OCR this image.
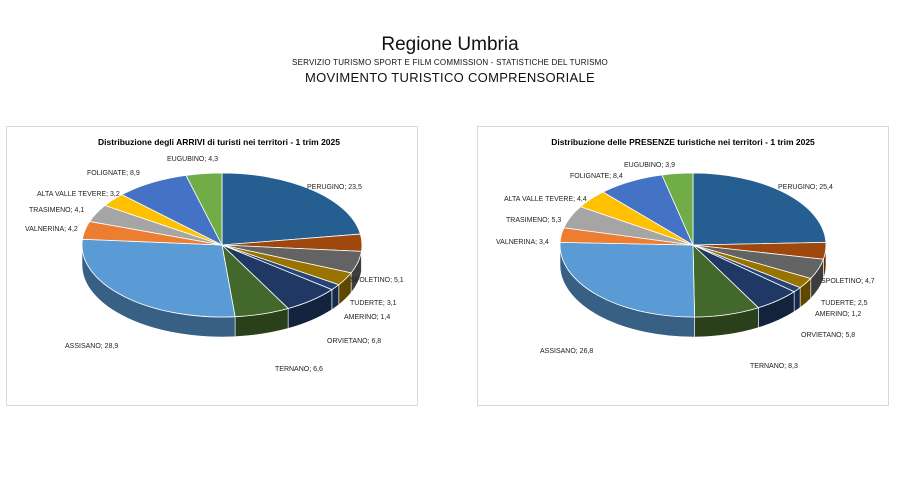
Regione Umbria
SERVIZIO TURISMO SPORT E FILM COMMISSION - STATISTICHE DEL TURISMO
MOVIMENTO TURISTICO COMPRENSORIALE
Distribuzione degli ARRIVI di turisti nei territori - 1 trim 2025
PERUGINO; 23,5
SPOLETINO; 5,1
TUDERTE; 3,1
AMERINO; 1,4
ORVIETANO; 6,8
TERNANO; 6,6
ASSISANO; 28,9
VALNERINA; 4,2
TRASIMENO; 4,1
ALTA VALLE TEVERE; 3,2
FOLIGNATE; 8,9
EUGUBINO; 4,3
Distribuzione delle PRESENZE turistiche nei territori - 1 trim 2025
PERUGINO; 25,4
SPOLETINO; 4,7
TUDERTE; 2,5
AMERINO; 1,2
ORVIETANO; 5,8
TERNANO; 8,3
ASSISANO; 26,8
VALNERINA; 3,4
TRASIMENO; 5,3
ALTA VALLE TEVERE; 4,4
FOLIGNATE; 8,4
EUGUBINO; 3,9
